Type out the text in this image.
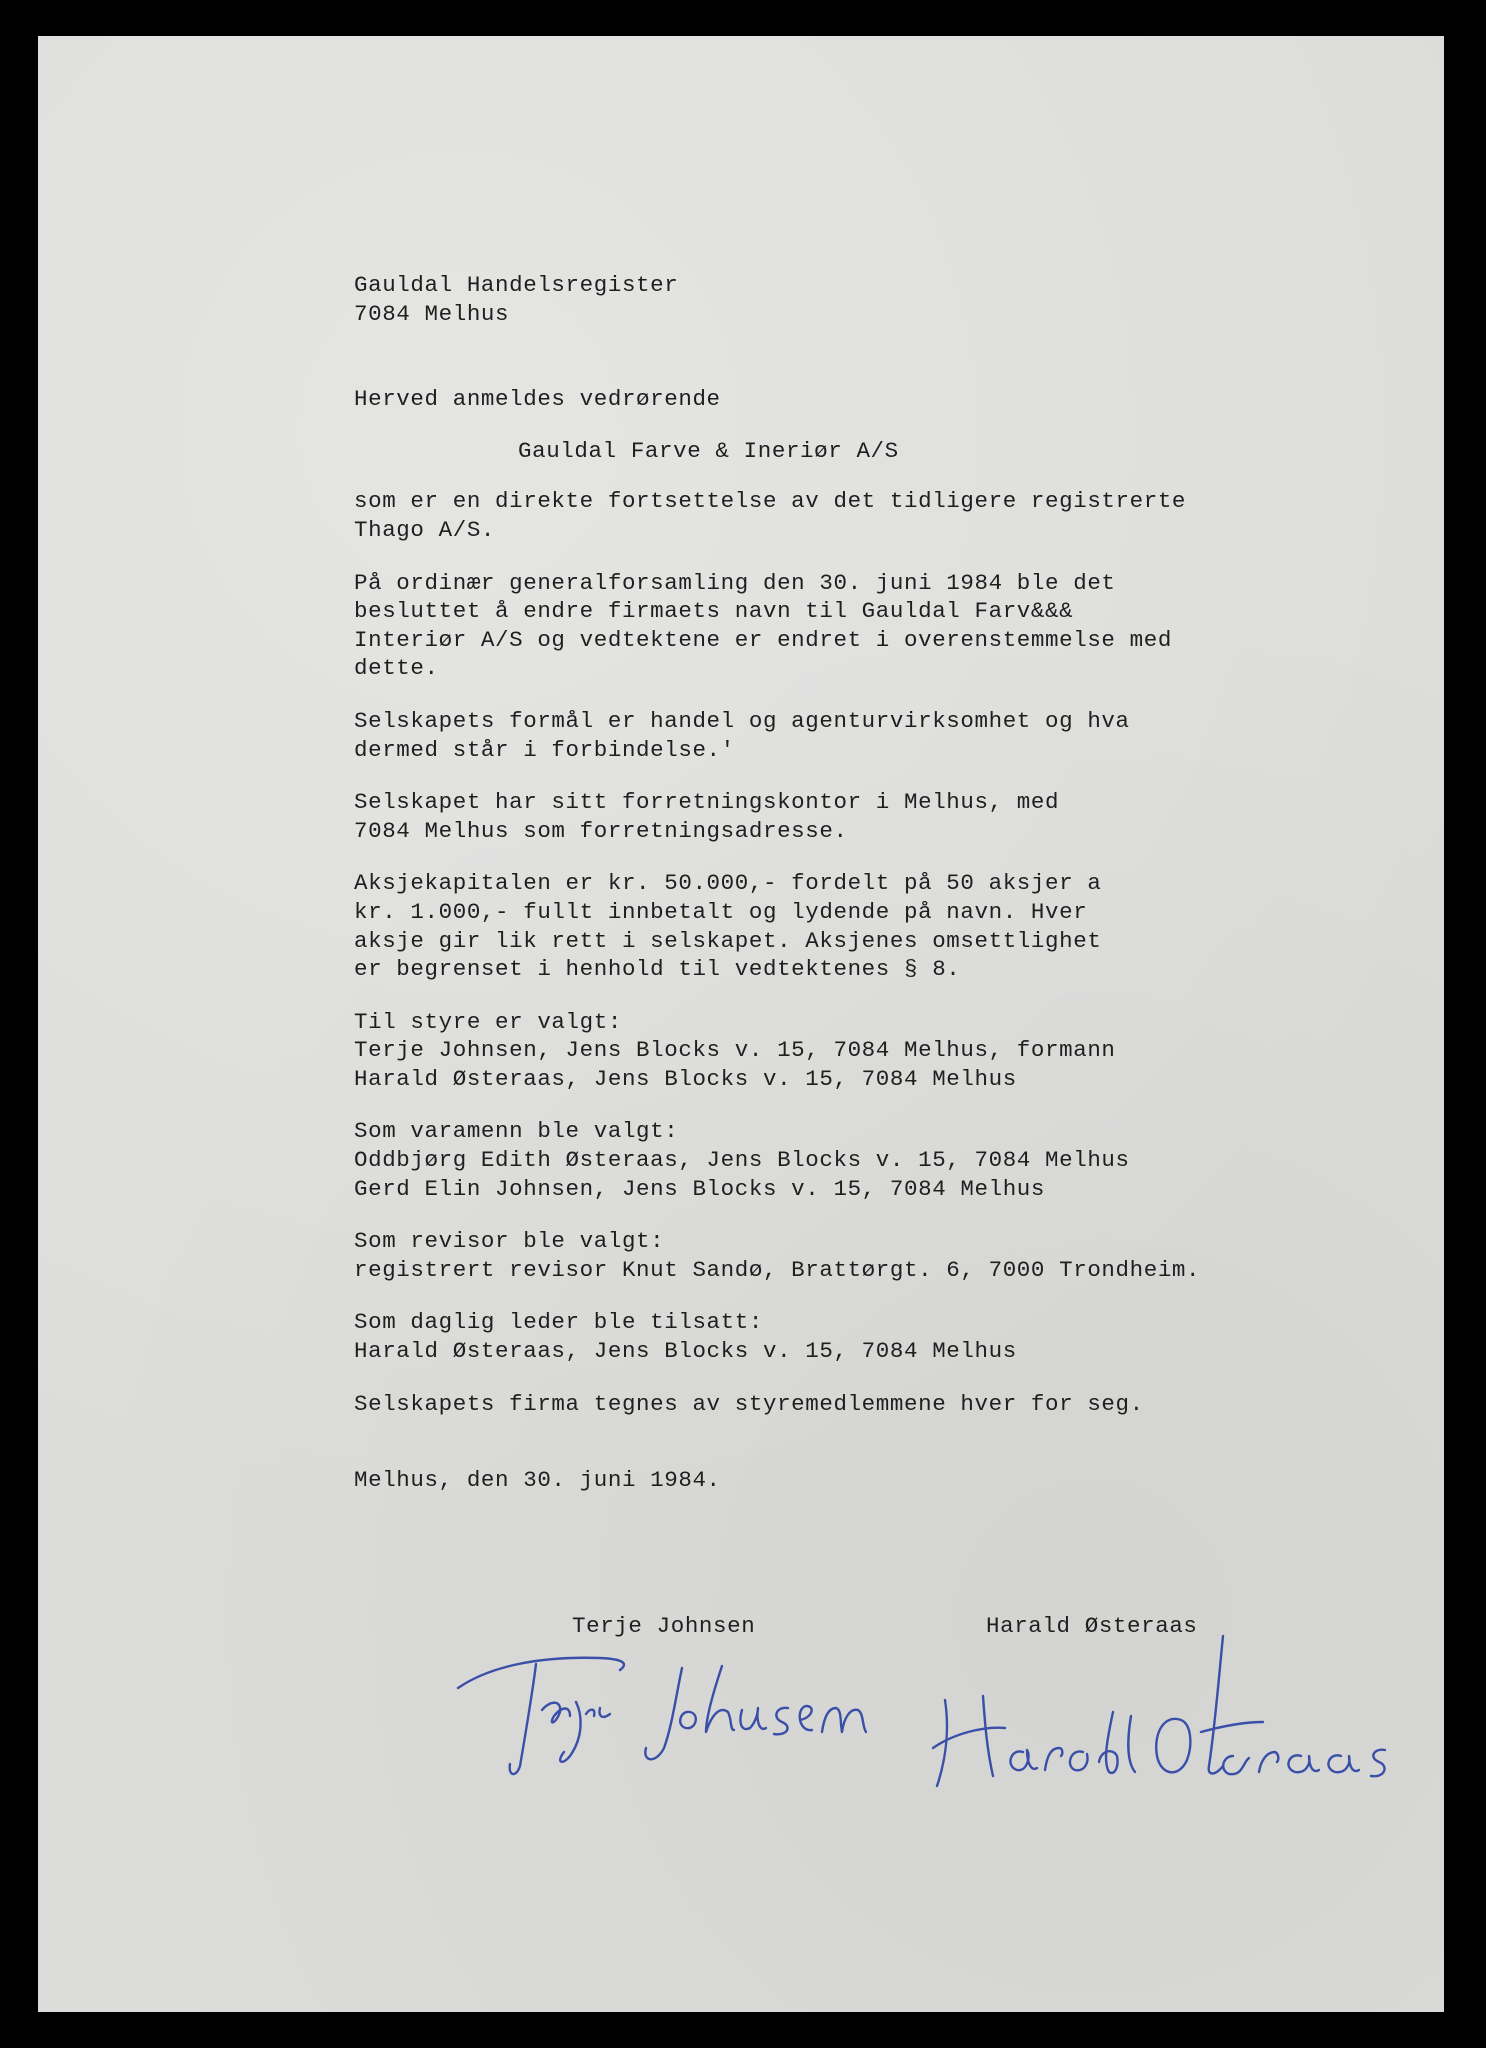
Gauldal Handelsregister
7084 Melhus
Herved anmeldes vedrørende
Gauldal Farve & Ineriør A/S
som er en direkte fortsettelse av det tidligere registrerte
Thago A/S.
På ordinær generalforsamling den 30. juni 1984 ble det
besluttet å endre firmaets navn til Gauldal Farv&&&
Interiør A/S og vedtektene er endret i overenstemmelse med
dette.
Selskapets formål er handel og agenturvirksomhet og hva
dermed står i forbindelse.'
Selskapet har sitt forretningskontor i Melhus, med
7084 Melhus som forretningsadresse.
Aksjekapitalen er kr. 50.000,- fordelt på 50 aksjer a
kr. 1.000,- fullt innbetalt og lydende på navn. Hver
aksje gir lik rett i selskapet. Aksjenes omsettlighet
er begrenset i henhold til vedtektenes § 8.
Til styre er valgt:
Terje Johnsen, Jens Blocks v. 15, 7084 Melhus, formann
Harald Østeraas, Jens Blocks v. 15, 7084 Melhus
Som varamenn ble valgt:
Oddbjørg Edith Østeraas, Jens Blocks v. 15, 7084 Melhus
Gerd Elin Johnsen, Jens Blocks v. 15, 7084 Melhus
Som revisor ble valgt:
registrert revisor Knut Sandø, Brattørgt. 6, 7000 Trondheim.
Som daglig leder ble tilsatt:
Harald Østeraas, Jens Blocks v. 15, 7084 Melhus
Selskapets firma tegnes av styremedlemmene hver for seg.
Melhus, den 30. juni 1984.
Terje Johnsen	Harald Østeraas
